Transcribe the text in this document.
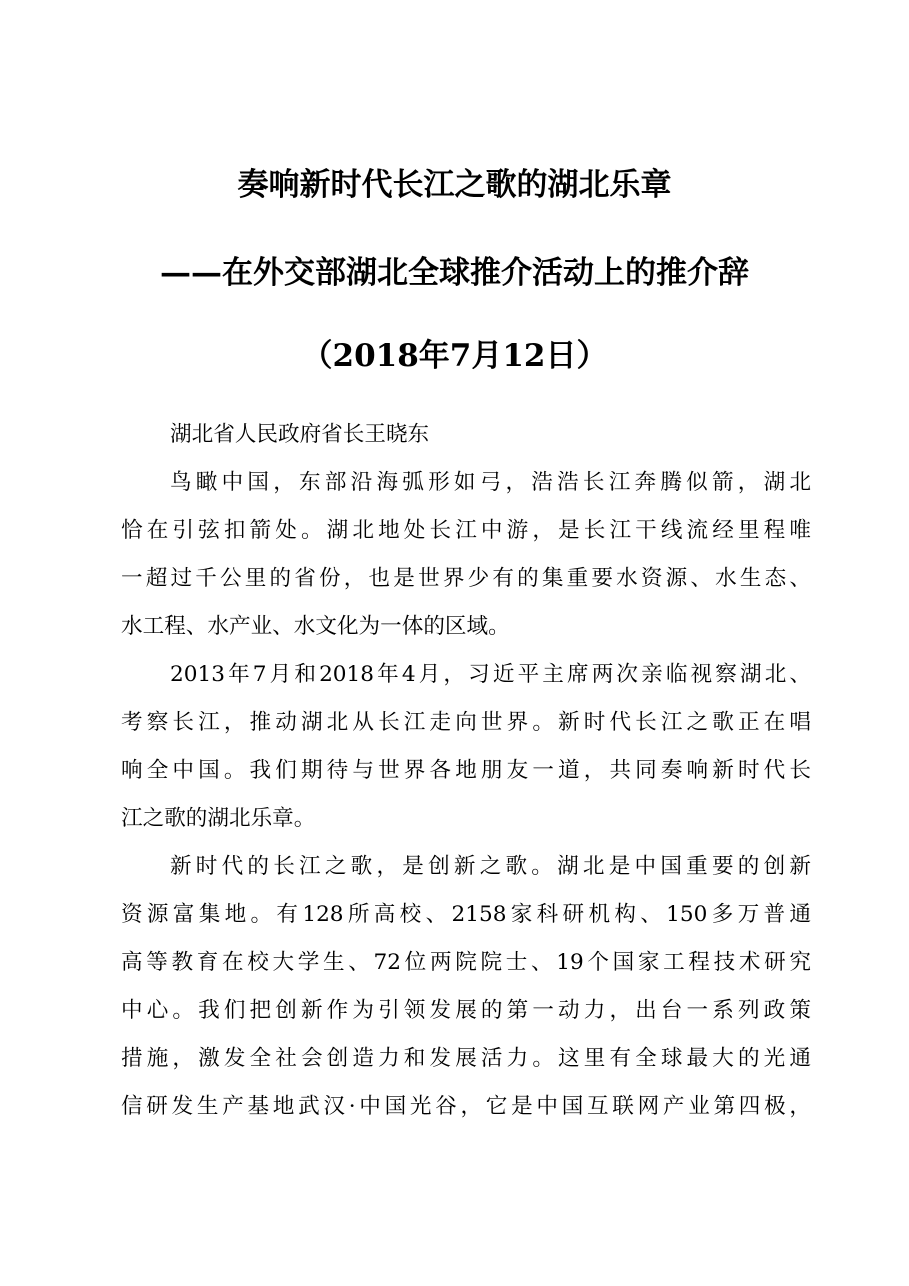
奏响新时代长江之歌的湖北乐章
——在外交部湖北全球推介活动上的推介辞
（2018年7月12日）
湖北省人民政府省长王晓东
鸟瞰中国，东部沿海弧形如弓，浩浩长江奔腾似箭，湖北
恰在引弦扣箭处。湖北地处长江中游，是长江干线流经里程唯
一超过千公里的省份，也是世界少有的集重要水资源、水生态、
水工程、水产业、水文化为一体的区域。
2013年7月和2018年4月，习近平主席两次亲临视察湖北、
考察长江，推动湖北从长江走向世界。新时代长江之歌正在唱
响全中国。我们期待与世界各地朋友一道，共同奏响新时代长
江之歌的湖北乐章。
新时代的长江之歌，是创新之歌。湖北是中国重要的创新
资源富集地。有128所高校、2158家科研机构、150多万普通
高等教育在校大学生、72位两院院士、19个国家工程技术研究
中心。我们把创新作为引领发展的第一动力，出台一系列政策
措施，激发全社会创造力和发展活力。这里有全球最大的光通
信研发生产基地武汉·中国光谷，它是中国互联网产业第四极，
